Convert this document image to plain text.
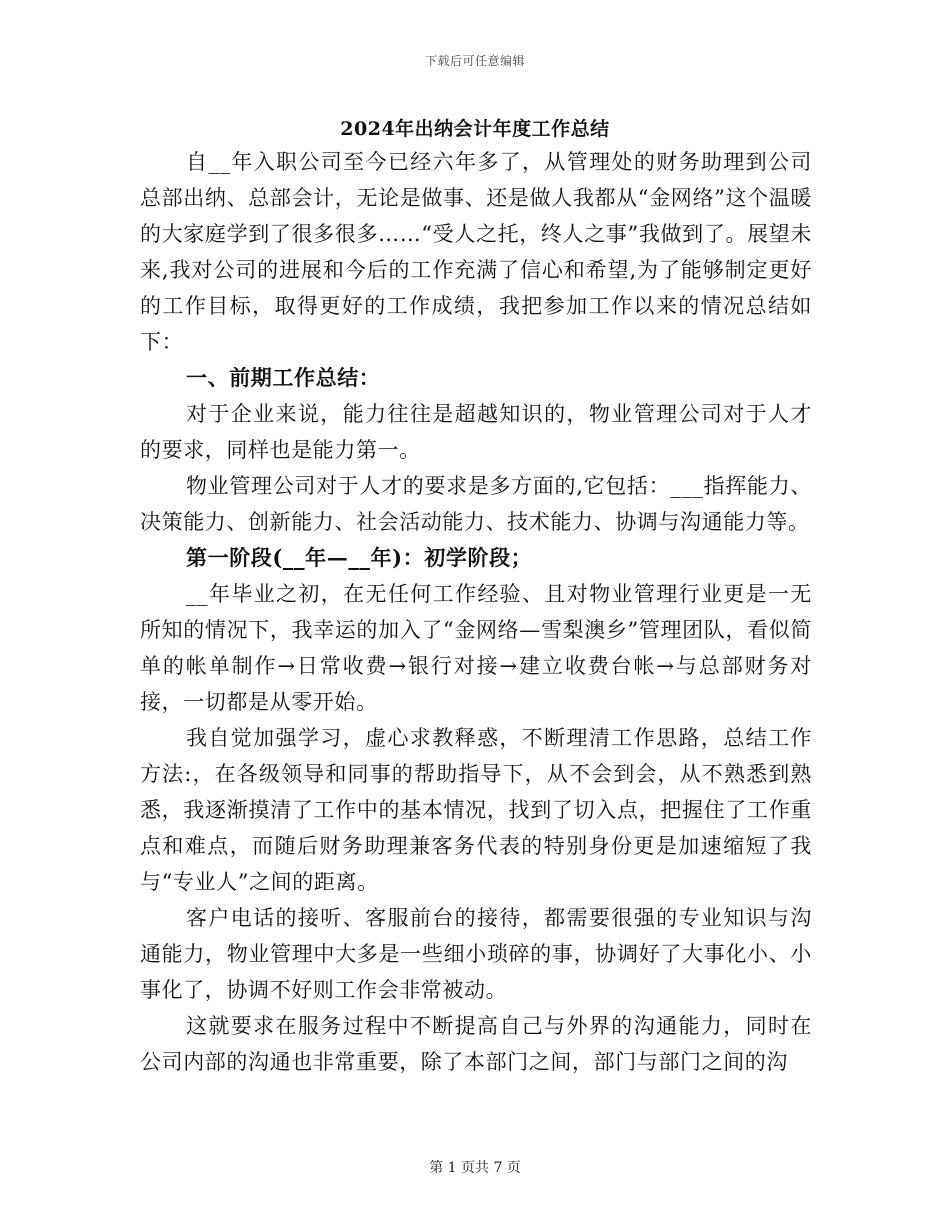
下载后可任意编辑
2024年出纳会计年度工作总结

自__年入职公司至今已经六年多了，从管理处的财务助理到公司总部出纳、总部会计，无论是做事、还是做人我都从“金网络”这个温暖的大家庭学到了很多很多……“受人之托，终人之事”我做到了。展望未来,我对公司的进展和今后的工作充满了信心和希望,为了能够制定更好的工作目标，取得更好的工作成绩，我把参加工作以来的情况总结如下：

一、前期工作总结：

对于企业来说，能力往往是超越知识的，物业管理公司对于人才的要求，同样也是能力第一。

物业管理公司对于人才的要求是多方面的,它包括：___指挥能力、决策能力、创新能力、社会活动能力、技术能力、协调与沟通能力等。

第一阶段(__年—__年)：初学阶段；

__年毕业之初，在无任何工作经验、且对物业管理行业更是一无所知的情况下，我幸运的加入了“金网络—雪梨澳乡”管理团队，看似简单的帐单制作→日常收费→银行对接→建立收费台帐→与总部财务对接，一切都是从零开始。

我自觉加强学习，虚心求教释惑，不断理清工作思路，总结工作方法:，在各级领导和同事的帮助指导下，从不会到会，从不熟悉到熟悉，我逐渐摸清了工作中的基本情况，找到了切入点，把握住了工作重点和难点，而随后财务助理兼客务代表的特别身份更是加速缩短了我与“专业人”之间的距离。

客户电话的接听、客服前台的接待，都需要很强的专业知识与沟通能力，物业管理中大多是一些细小琐碎的事，协调好了大事化小、小事化了，协调不好则工作会非常被动。

这就要求在服务过程中不断提高自己与外界的沟通能力，同时在公司内部的沟通也非常重要，除了本部门之间，部门与部门之间的沟

第 1 页共 7 页
